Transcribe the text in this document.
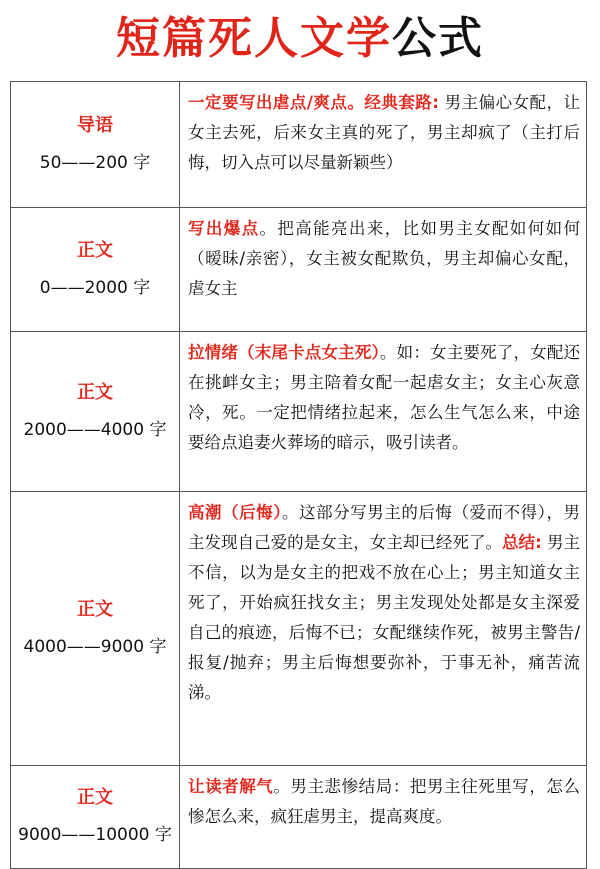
短篇死人文学公式
导语
50——200 字	一定要写出虐点/爽点。经典套路: 男主偏心女配，让女主去死，后来女主真的死了，男主却疯了（主打后悔，切入点可以尽量新颖些）

正文
0——2000 字	写出爆点。把高能亮出来，比如男主女配如何如何（暧昧/亲密），女主被女配欺负，男主却偏心女配，虐女主

正文
2000——4000 字	拉情绪（末尾卡点女主死）。如：女主要死了，女配还在挑衅女主；男主陪着女配一起虐女主；女主心灰意冷，死。一定把情绪拉起来，怎么生气怎么来，中途要给点追妻火葬场的暗示，吸引读者。

正文
4000——9000 字	高潮（后悔）。这部分写男主的后悔（爱而不得），男主发现自己爱的是女主，女主却已经死了。总结: 男主不信，以为是女主的把戏不放在心上；男主知道女主死了，开始疯狂找女主；男主发现处处都是女主深爱自己的痕迹，后悔不已；女配继续作死，被男主警告/报复/抛弃；男主后悔想要弥补，于事无补，痛苦流涕。

正文
9000——10000 字	让读者解气。男主悲惨结局：把男主往死里写，怎么惨怎么来，疯狂虐男主，提高爽度。
